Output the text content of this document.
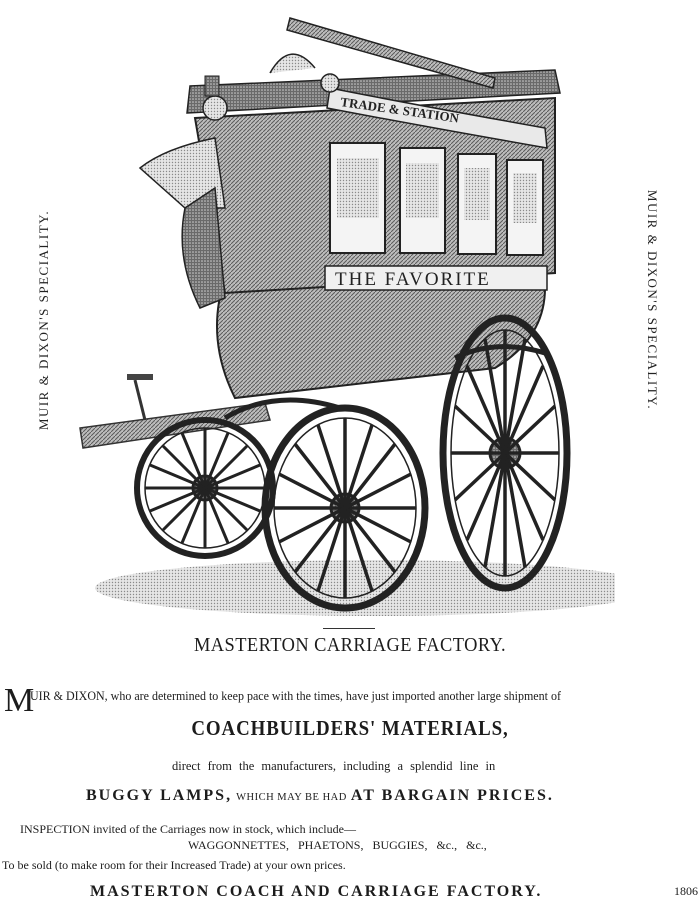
MUIR & DIXON'S SPECIALITY.	MUIR & DIXON'S SPECIALITY.
TRADE & STATION
THE FAVORITE
MASTERTON CARRIAGE FACTORY.
M
UIR & DIXON, who are determined to keep pace with the times, have just imported another large shipment of
COACHBUILDERS' MATERIALS,
direct from the manufacturers, including a splendid line in
BUGGY LAMPS, WHICH MAY BE HAD AT BARGAIN PRICES.
INSPECTION invited of the Carriages now in stock, which include—
WAGGONNETTES, PHAETONS, BUGGIES, &c., &c.,
To be sold (to make room for their Increased Trade) at your own prices.
MASTERTON COACH AND CARRIAGE FACTORY.	1806
